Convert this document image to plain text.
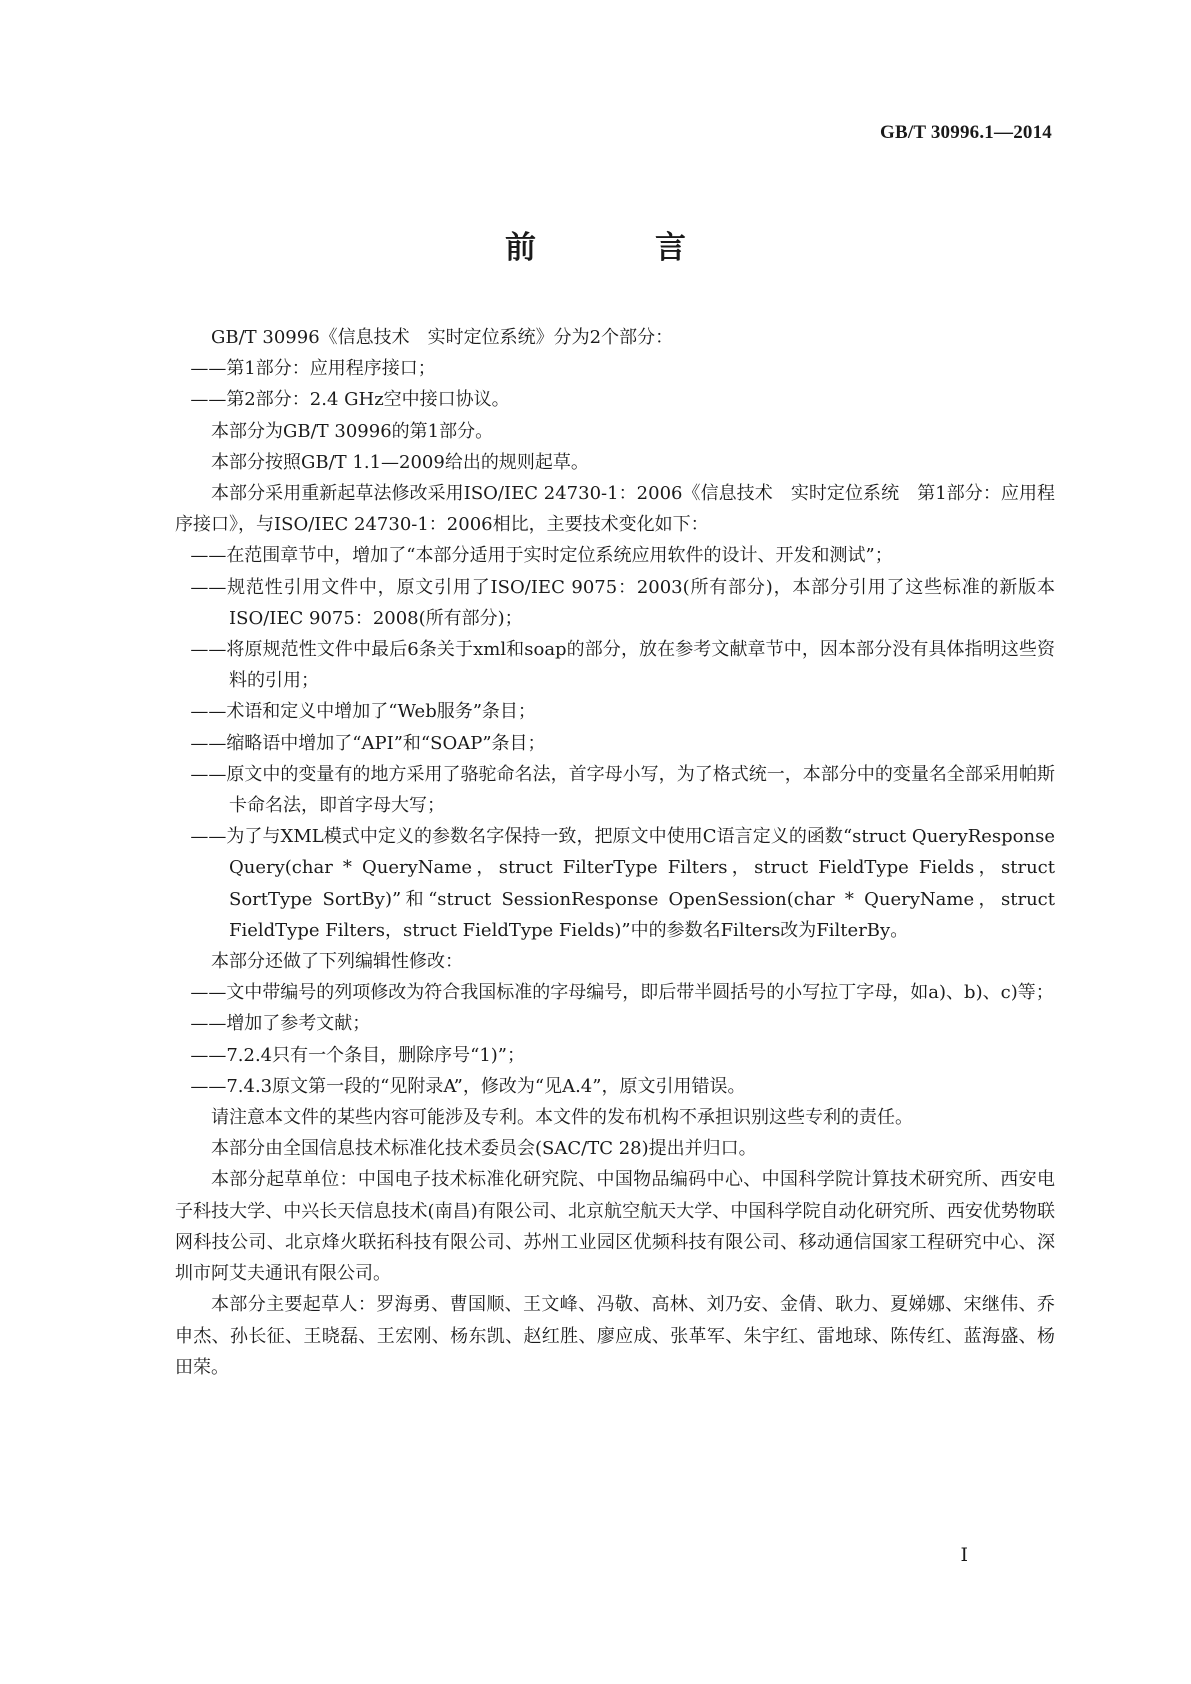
GB/T 30996.1—2014
前　言

GB/T 30996《信息技术　实时定位系统》分为2个部分：

——第1部分：应用程序接口；

——第2部分：2.4 GHz空中接口协议。

本部分为GB/T 30996的第1部分。

本部分按照GB/T 1.1—2009给出的规则起草。

本部分采用重新起草法修改采用ISO/IEC 24730-1：2006《信息技术　实时定位系统　第1部分：应用程序接口》，与ISO/IEC 24730-1：2006相比，主要技术变化如下：

——在范围章节中，增加了“本部分适用于实时定位系统应用软件的设计、开发和测试”；

——规范性引用文件中，原文引用了ISO/IEC 9075：2003(所有部分)，本部分引用了这些标准的新版本ISO/IEC 9075：2008(所有部分)；

——将原规范性文件中最后6条关于xml和soap的部分，放在参考文献章节中，因本部分没有具体指明这些资料的引用；

——术语和定义中增加了“Web服务”条目；

——缩略语中增加了“API”和“SOAP”条目；

——原文中的变量有的地方采用了骆驼命名法，首字母小写，为了格式统一，本部分中的变量名全部采用帕斯卡命名法，即首字母大写；

——为了与XML模式中定义的参数名字保持一致，把原文中使用C语言定义的函数“struct QueryResponse Query(char * QueryName，struct FilterType Filters，struct FieldType Fields，struct SortType SortBy)”和“struct SessionResponse OpenSession(char * QueryName，struct FieldType Filters，struct FieldType Fields)”中的参数名Filters改为FilterBy。

本部分还做了下列编辑性修改：

——文中带编号的列项修改为符合我国标准的字母编号，即后带半圆括号的小写拉丁字母，如a)、b)、c)等；

——增加了参考文献；

——7.2.4只有一个条目，删除序号“1)”；

——7.4.3原文第一段的“见附录A”，修改为“见A.4”，原文引用错误。

请注意本文件的某些内容可能涉及专利。本文件的发布机构不承担识别这些专利的责任。

本部分由全国信息技术标准化技术委员会(SAC/TC 28)提出并归口。

本部分起草单位：中国电子技术标准化研究院、中国物品编码中心、中国科学院计算技术研究所、西安电子科技大学、中兴长天信息技术(南昌)有限公司、北京航空航天大学、中国科学院自动化研究所、西安优势物联网科技公司、北京烽火联拓科技有限公司、苏州工业园区优频科技有限公司、移动通信国家工程研究中心、深圳市阿艾夫通讯有限公司。

本部分主要起草人：罗海勇、曹国顺、王文峰、冯敬、高林、刘乃安、金倩、耿力、夏娣娜、宋继伟、乔申杰、孙长征、王晓磊、王宏刚、杨东凯、赵红胜、廖应成、张革军、朱宇红、雷地球、陈传红、蓝海盛、杨田荣。

I
